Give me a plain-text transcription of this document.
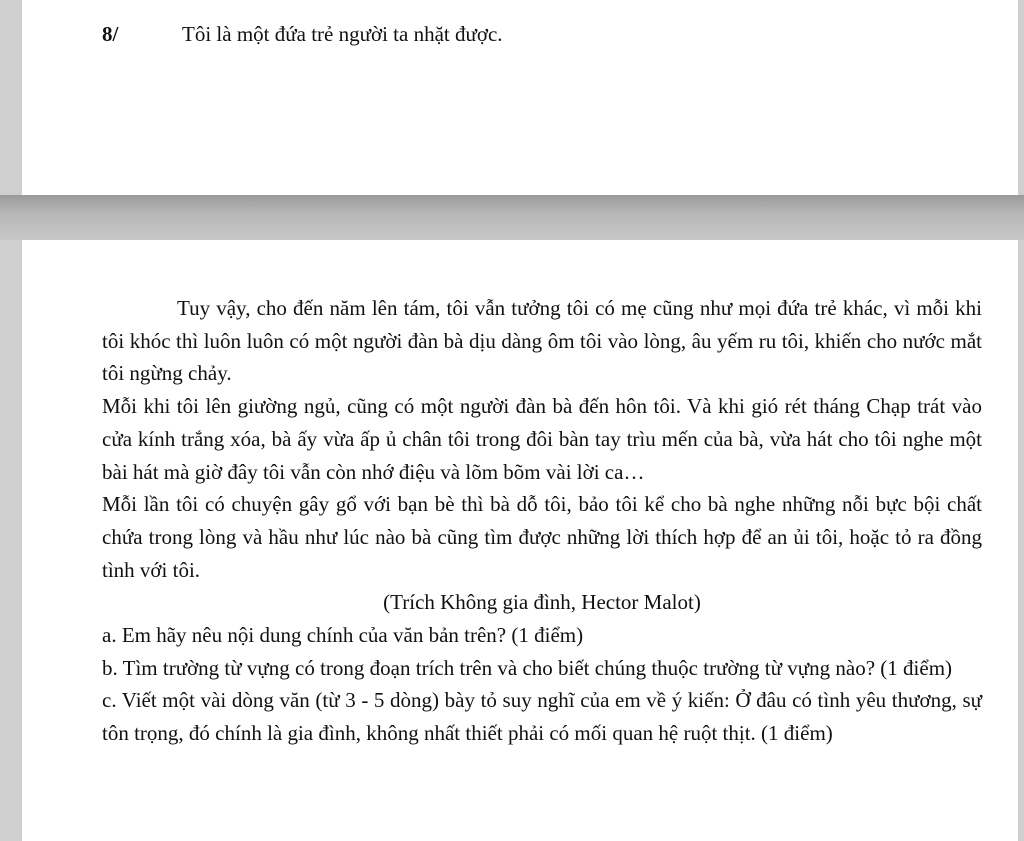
8/	Tôi là một đứa trẻ người ta nhặt được.

Tuy vậy, cho đến năm lên tám, tôi vẫn tưởng tôi có mẹ cũng như mọi đứa trẻ khác, vì mỗi khi tôi khóc thì luôn luôn có một người đàn bà dịu dàng ôm tôi vào lòng, âu yếm ru tôi, khiến cho nước mắt tôi ngừng chảy.

Mỗi khi tôi lên giường ngủ, cũng có một người đàn bà đến hôn tôi. Và khi gió rét tháng Chạp trát vào cửa kính trắng xóa, bà ấy vừa ấp ủ chân tôi trong đôi bàn tay trìu mến của bà, vừa hát cho tôi nghe một bài hát mà giờ đây tôi vẫn còn nhớ điệu và lõm bõm vài lời ca…

Mỗi lần tôi có chuyện gây gổ với bạn bè thì bà dỗ tôi, bảo tôi kể cho bà nghe những nỗi bực bội chất chứa trong lòng và hầu như lúc nào bà cũng tìm được những lời thích hợp để an ủi tôi, hoặc tỏ ra đồng tình với tôi.

(Trích Không gia đình, Hector Malot)

a. Em hãy nêu nội dung chính của văn bản trên? (1 điểm)

b. Tìm trường từ vựng có trong đoạn trích trên và cho biết chúng thuộc trường từ vựng nào? (1 điểm)

c. Viết một vài dòng văn (từ 3 - 5 dòng) bày tỏ suy nghĩ của em về ý kiến: Ở đâu có tình yêu thương, sự tôn trọng, đó chính là gia đình, không nhất thiết phải có mối quan hệ ruột thịt. (1 điểm)
